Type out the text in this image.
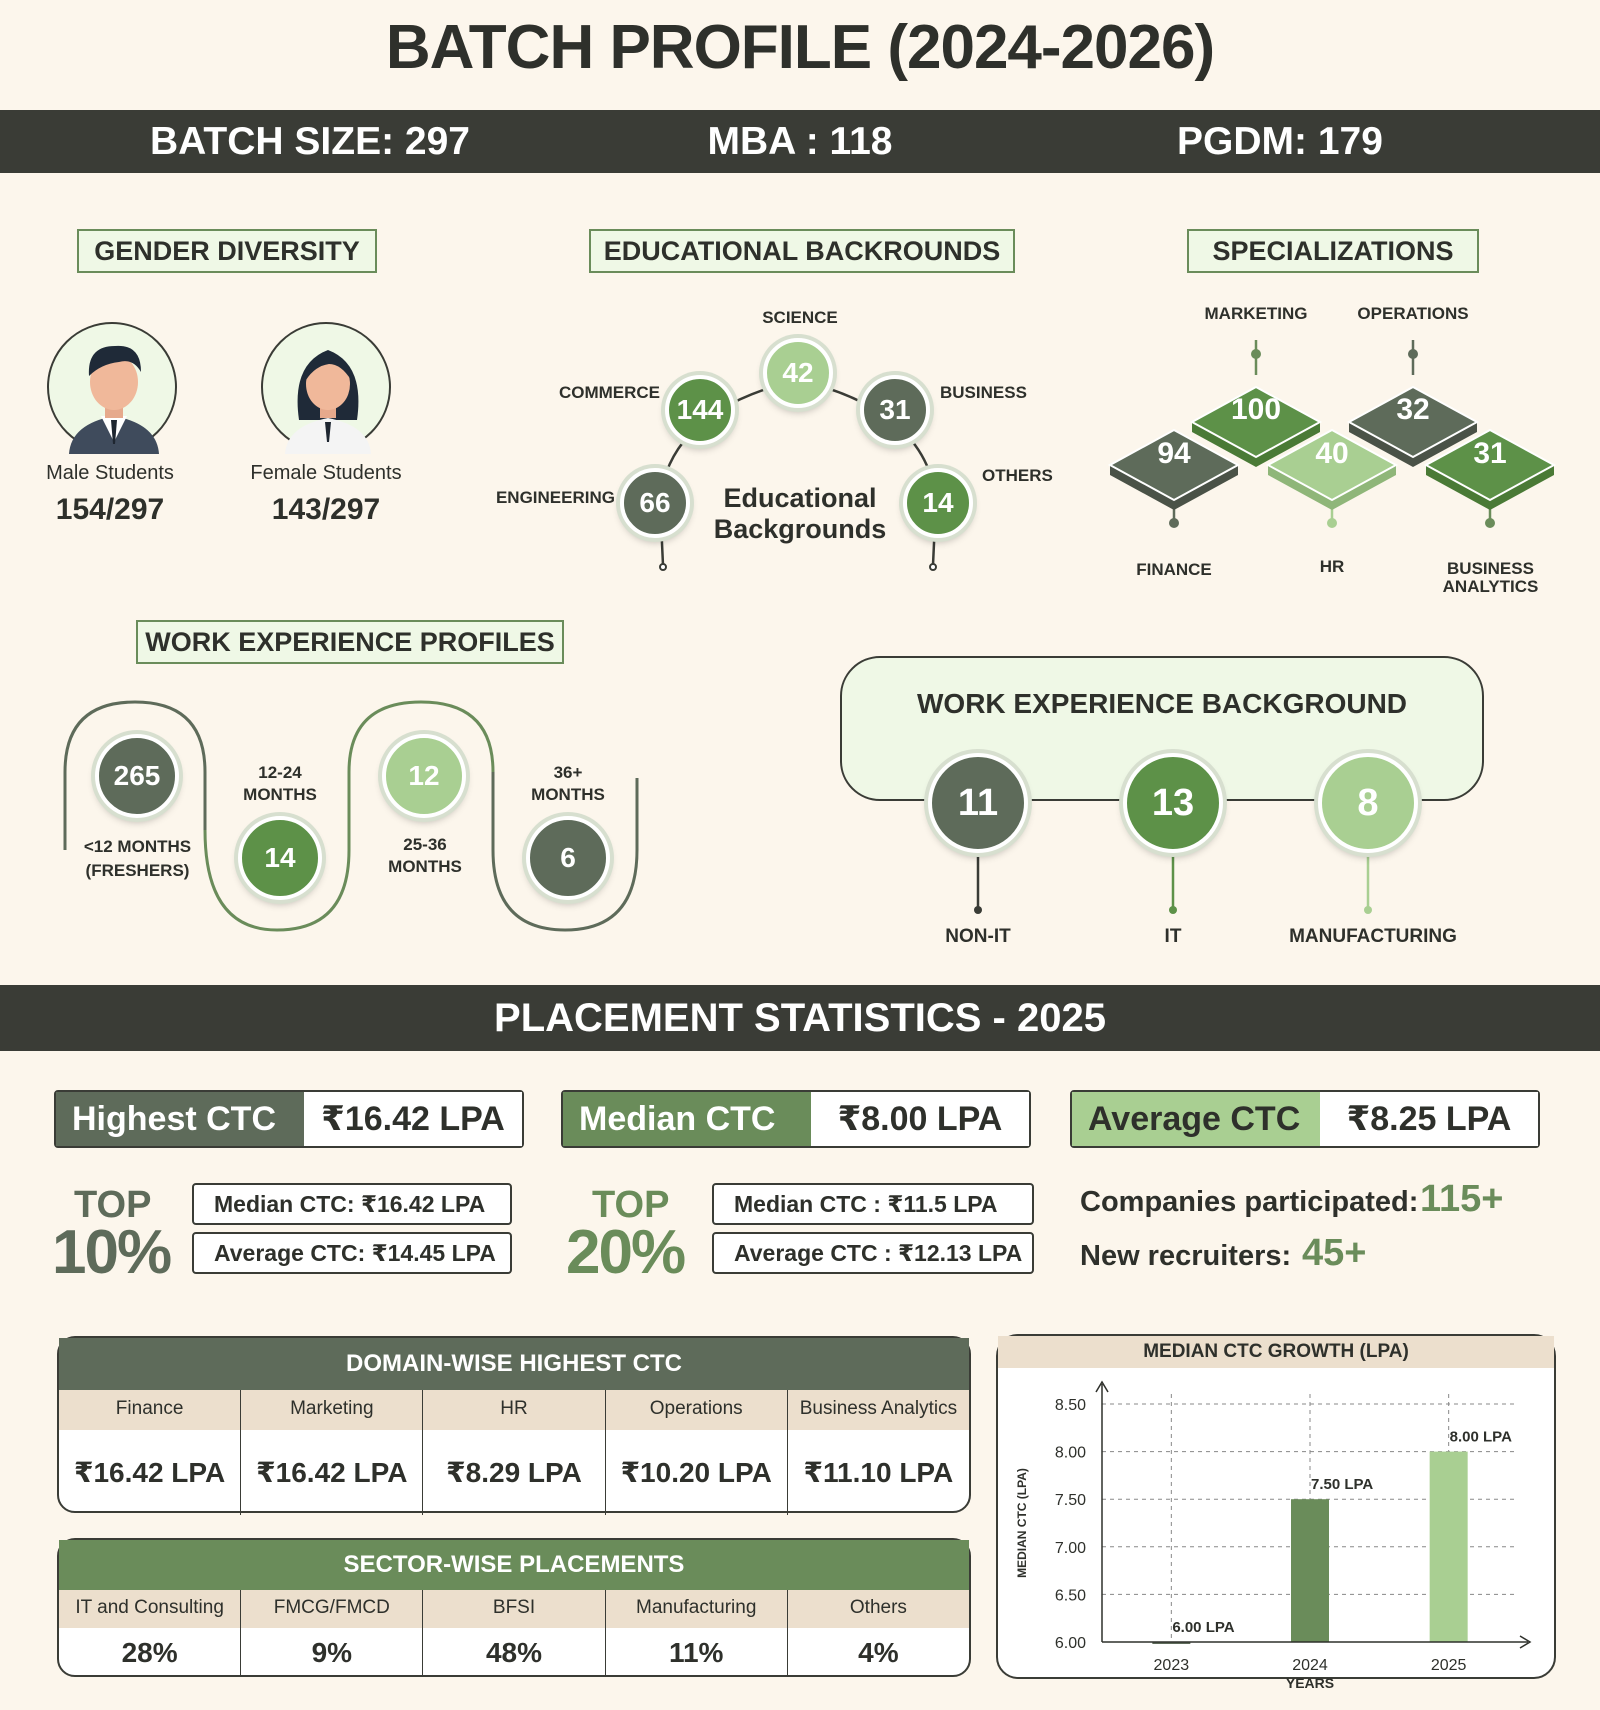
BATCH PROFILE (2024-2026)
BATCH SIZE: 297	MBA : 118	PGDM: 179
GENDER DIVERSITY
Male Students
154/297
Female Students
143/297
EDUCATIONAL BACKROUNDS
66
144
42
31
14
ENGINEERING
COMMERCE
SCIENCE
BUSINESS
OTHERS
Educational
Backgrounds
SPECIALIZATIONS
94
100
40
32
31
FINANCE
MARKETING
HR
OPERATIONS
BUSINESS ANALYTICS
WORK EXPERIENCE PROFILES
265
14
12
6
<12 MONTHS
(FRESHERS)
12-24
MONTHS
25-36
MONTHS
36+
MONTHS
WORK EXPERIENCE BACKGROUND
11	13	8
NON-IT	IT	MANUFACTURING
PLACEMENT STATISTICS - 2025
Highest CTC	₹16.42 LPA	Median CTC	₹8.00 LPA	Average CTC	₹8.25 LPA
TOP
10%
Median CTC: ₹16.42 LPA
Average CTC: ₹14.45 LPA
TOP
20%
Median CTC : ₹11.5 LPA
Average CTC : ₹12.13 LPA
Companies participated: 115+
New recruiters: 45+
DOMAIN-WISE HIGHEST CTC
Finance	Marketing	HR	Operations	Business Analytics
₹16.42 LPA	₹16.42 LPA	₹8.29 LPA	₹10.20 LPA	₹11.10 LPA
SECTOR-WISE PLACEMENTS
IT and Consulting	FMCG/FMCD	BFSI	Manufacturing	Others
28%	9%	48%	11%	4%
MEDIAN CTC GROWTH (LPA)
6.00
6.50
7.00
7.50
8.00
8.50
6.00 LPA
2023
7.50 LPA
2024
8.00 LPA
2025
YEARS
MEDIAN CTC (LPA)
